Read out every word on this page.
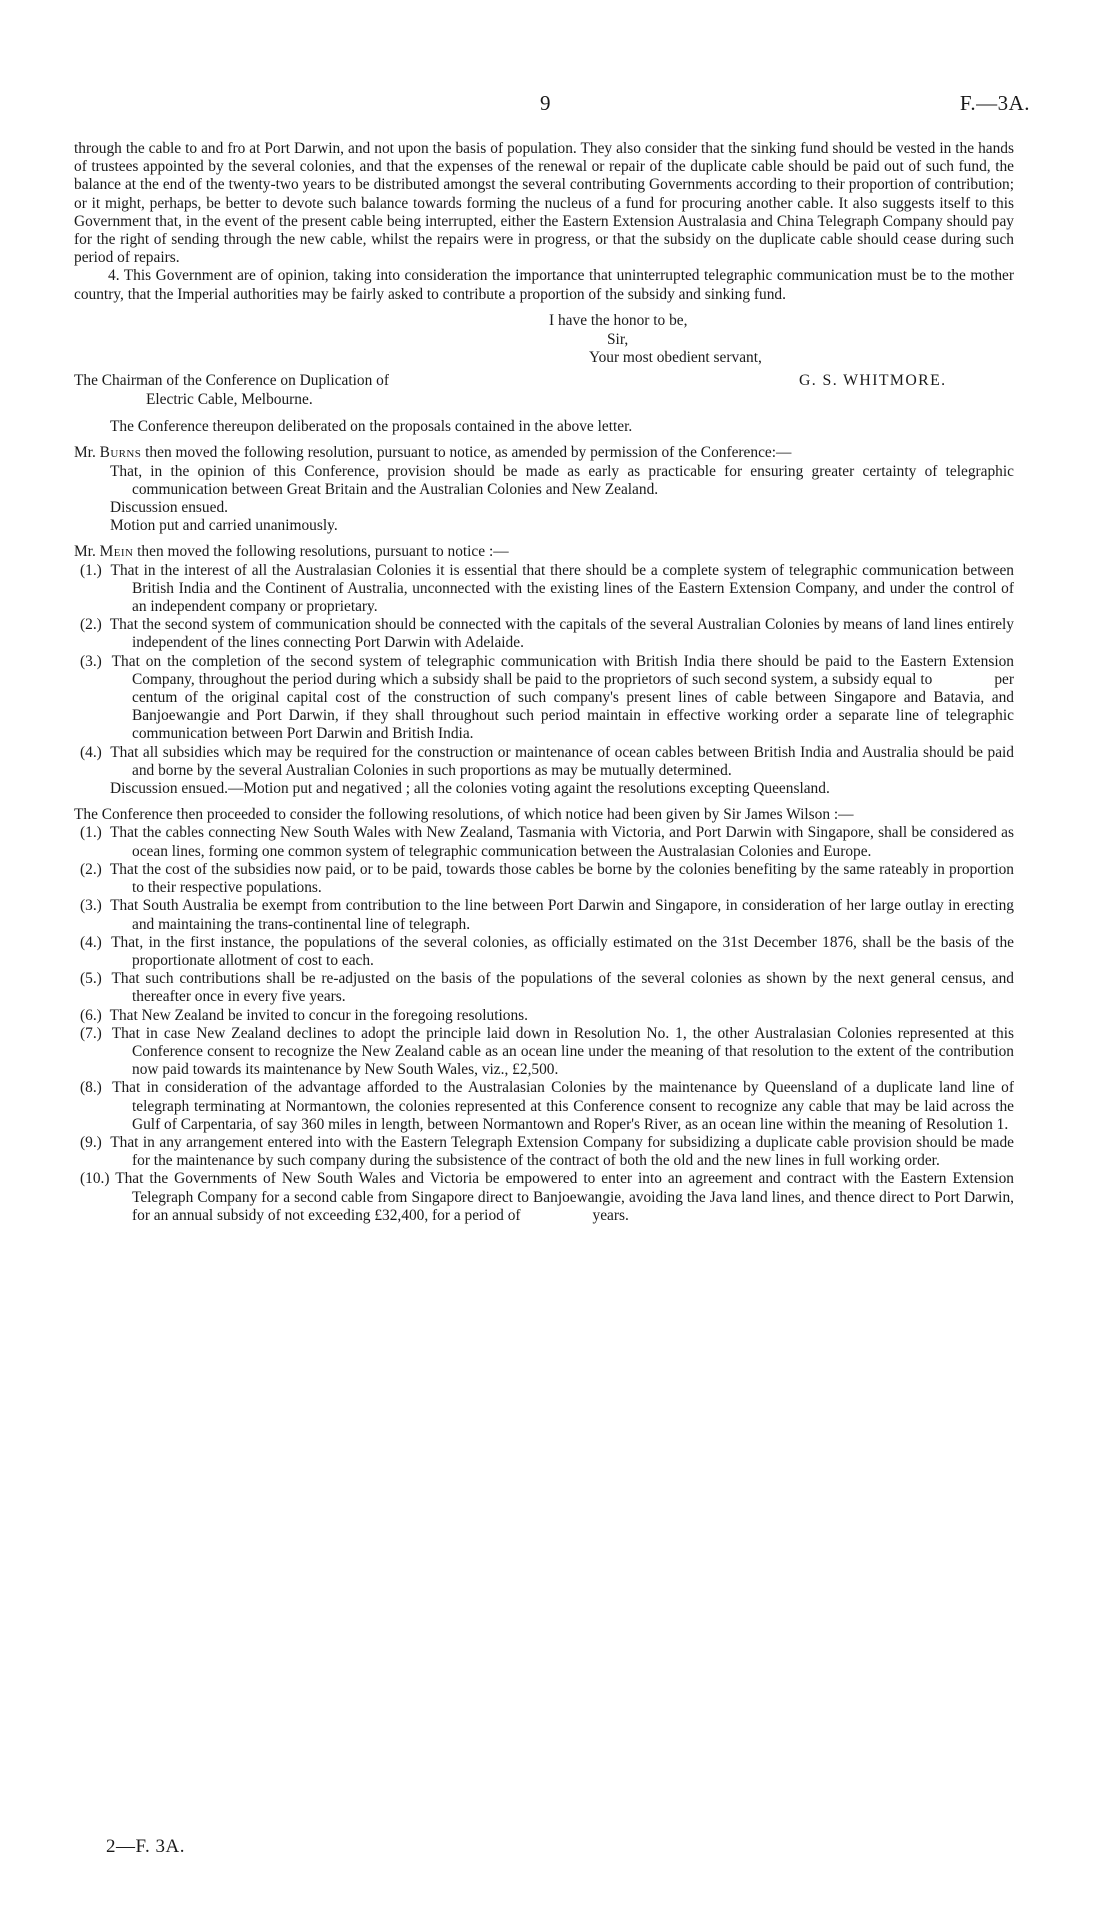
9	F.—3A.

through the cable to and fro at Port Darwin, and not upon the basis of population. They also consider that the sinking fund should be vested in the hands of trustees appointed by the several colonies, and that the expenses of the renewal or repair of the duplicate cable should be paid out of such fund, the balance at the end of the twenty-two years to be distributed amongst the several contributing Governments according to their proportion of contribution; or it might, perhaps, be better to devote such balance towards forming the nucleus of a fund for procuring another cable. It also suggests itself to this Government that, in the event of the present cable being interrupted, either the Eastern Extension Australasia and China Telegraph Company should pay for the right of sending through the new cable, whilst the repairs were in progress, or that the subsidy on the duplicate cable should cease during such period of repairs.

4. This Government are of opinion, taking into consideration the importance that uninterrupted telegraphic communication must be to the mother country, that the Imperial authorities may be fairly asked to contribute a proportion of the subsidy and sinking fund.

I have the honor to be,
Sir,
Your most obedient servant,
The Chairman of the Conference on Duplication of
Electric Cable, Melbourne.
G. S. WHITMORE.
The Conference thereupon deliberated on the proposals contained in the above letter.

Mr. Burns then moved the following resolution, pursuant to notice, as amended by permission of the Conference:—

That, in the opinion of this Conference, provision should be made as early as practicable for ensuring greater certainty of telegraphic communication between Great Britain and the Australian Colonies and New Zealand.

Discussion ensued.
Motion put and carried unanimously.

Mr. Mein then moved the following resolutions, pursuant to notice :—

(1.) That in the interest of all the Australasian Colonies it is essential that there should be a complete system of telegraphic communication between British India and the Continent of Australia, unconnected with the existing lines of the Eastern Extension Company, and under the control of an independent company or proprietary.

(2.) That the second system of communication should be connected with the capitals of the several Australian Colonies by means of land lines entirely independent of the lines connecting Port Darwin with Adelaide.

(3.) That on the completion of the second system of telegraphic communication with British India there should be paid to the Eastern Extension Company, throughout the period during which a subsidy shall be paid to the proprietors of such second system, a subsidy equal to	per centum of the original capital cost of the construction of such company's present lines of cable between Singapore and Batavia, and Banjoewangie and Port Darwin, if they shall throughout such period maintain in effective working order a separate line of telegraphic communication between Port Darwin and British India.

(4.) That all subsidies which may be required for the construction or maintenance of ocean cables between British India and Australia should be paid and borne by the several Australian Colonies in such proportions as may be mutually determined.

Discussion ensued.—Motion put and negatived ; all the colonies voting againt the resolutions excepting Queensland.

The Conference then proceeded to consider the following resolutions, of which notice had been given by Sir James Wilson :—

(1.) That the cables connecting New South Wales with New Zealand, Tasmania with Victoria, and Port Darwin with Singapore, shall be considered as ocean lines, forming one common system of telegraphic communication between the Australasian Colonies and Europe.

(2.) That the cost of the subsidies now paid, or to be paid, towards those cables be borne by the colonies benefiting by the same rateably in proportion to their respective populations.

(3.) That South Australia be exempt from contribution to the line between Port Darwin and Singapore, in consideration of her large outlay in erecting and maintaining the trans-continental line of telegraph.

(4.) That, in the first instance, the populations of the several colonies, as officially estimated on the 31st December 1876, shall be the basis of the proportionate allotment of cost to each.

(5.) That such contributions shall be re-adjusted on the basis of the populations of the several colonies as shown by the next general census, and thereafter once in every five years.

(6.) That New Zealand be invited to concur in the foregoing resolutions.

(7.) That in case New Zealand declines to adopt the principle laid down in Resolution No. 1, the other Australasian Colonies represented at this Conference consent to recognize the New Zealand cable as an ocean line under the meaning of that resolution to the extent of the contribution now paid towards its maintenance by New South Wales, viz., £2,500.

(8.) That in consideration of the advantage afforded to the Australasian Colonies by the maintenance by Queensland of a duplicate land line of telegraph terminating at Normantown, the colonies represented at this Conference consent to recognize any cable that may be laid across the Gulf of Carpentaria, of say 360 miles in length, between Normantown and Roper's River, as an ocean line within the meaning of Resolution 1.

(9.) That in any arrangement entered into with the Eastern Telegraph Extension Company for subsidizing a duplicate cable provision should be made for the maintenance by such company during the subsistence of the contract of both the old and the new lines in full working order.

(10.) That the Governments of New South Wales and Victoria be empowered to enter into an agreement and contract with the Eastern Extension Telegraph Company for a second cable from Singapore direct to Banjoewangie, avoiding the Java land lines, and thence direct to Port Darwin, for an annual subsidy of not exceeding £32,400, for a period of	years.

2—F. 3A.
